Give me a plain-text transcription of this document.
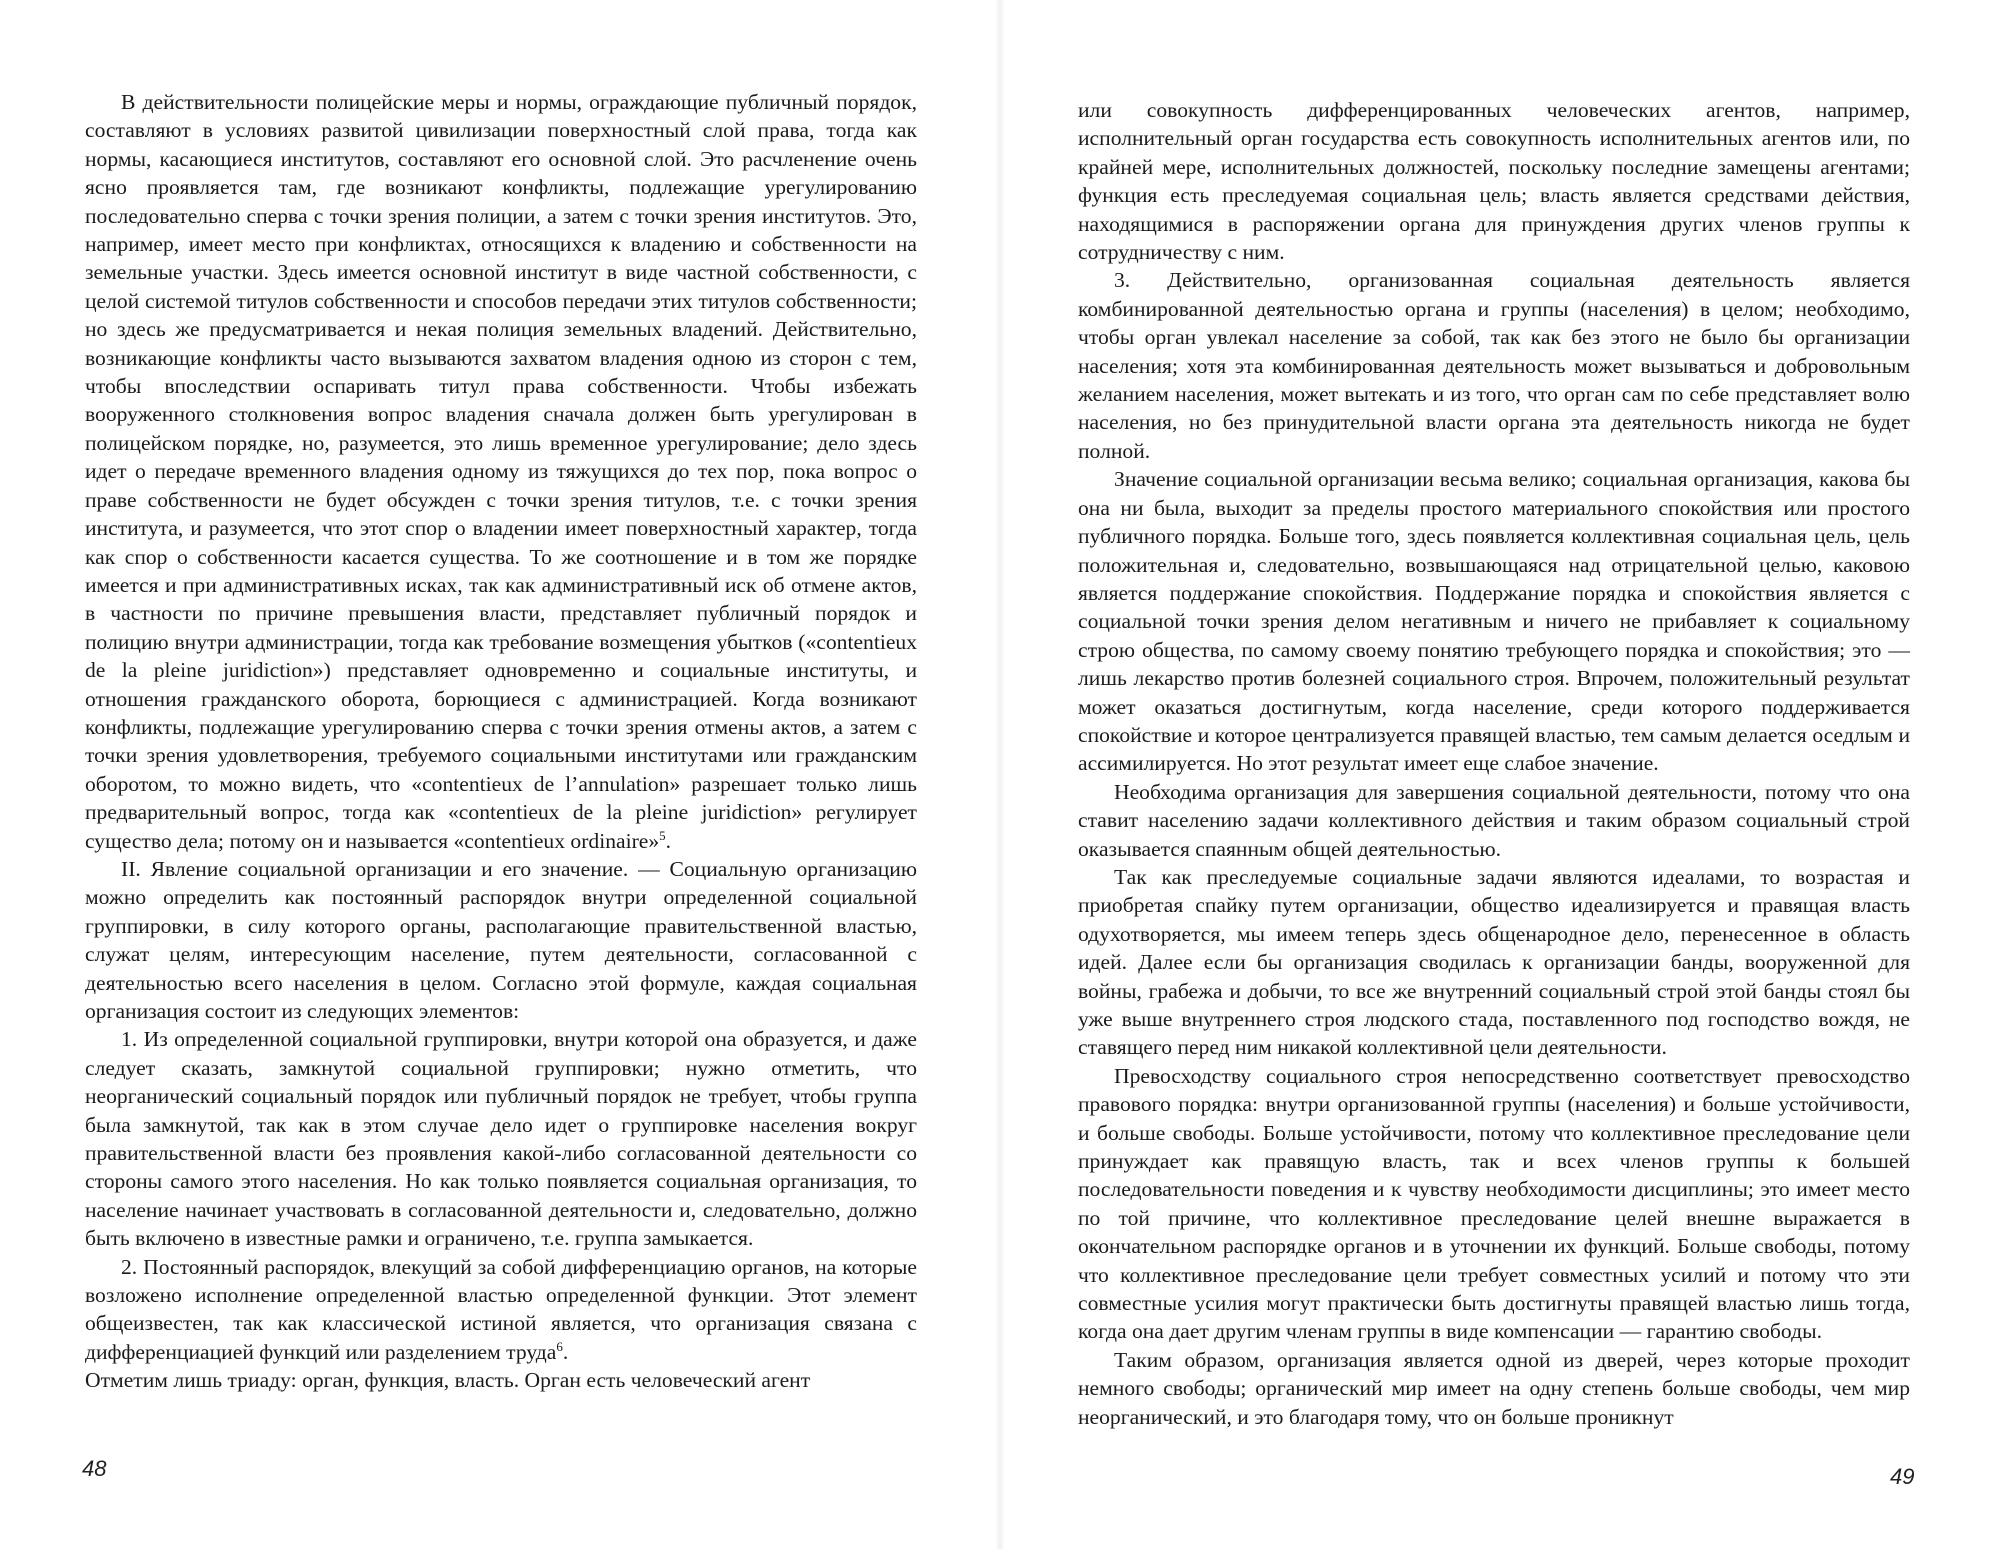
В действительности полицейские меры и нормы, ограждающие публичный порядок, составляют в условиях развитой цивилизации поверхностный слой права, тогда как нормы, касающиеся институтов, составляют его основной слой. Это расчленение очень ясно проявляется там, где возникают конфликты, подлежащие урегулированию последовательно сперва с точки зрения полиции, а затем с точки зрения институтов. Это, например, имеет место при конфликтах, относящихся к владению и собственности на земельные участки. Здесь имеется основной институт в виде частной собственности, с целой системой титулов собственности и способов передачи этих титулов собственности; но здесь же предусматривается и некая полиция земельных владений. Действительно, возникающие конфликты часто вызываются захватом владения одною из сторон с тем, чтобы впоследствии оспаривать титул права собственности. Чтобы избежать вооруженного столкновения вопрос владения сначала должен быть урегулирован в полицейском порядке, но, разумеется, это лишь временное урегулирование; дело здесь идет о передаче временного владения одному из тяжущихся до тех пор, пока вопрос о праве собственности не будет обсужден с точки зрения титулов, т.е. с точки зрения института, и разумеется, что этот спор о владении имеет поверхностный характер, тогда как спор о собственности касается существа. То же соотношение и в том же порядке имеется и при административных исках, так как административный иск об отмене актов, в частности по причине превышения власти, представляет публичный порядок и полицию внутри администрации, тогда как требование возмещения убытков («contentieux de la pleine juridiction») представляет одновременно и социальные институты, и отношения гражданского оборота, борющиеся с администрацией. Когда возникают конфликты, подлежащие урегулированию сперва с точки зрения отмены актов, а затем с точки зрения удовлетворения, требуемого социальными институтами или гражданским оборотом, то можно видеть, что «contentieux de l’annulation» разрешает только лишь предварительный вопрос, тогда как «contentieux de la pleine juridiction» регулирует существо дела; потому он и называется «contentieux ordinaire»$^5$.

II. Явление социальной организации и его значение. — Социальную организацию можно определить как постоянный распорядок внутри определенной социальной группировки, в силу которого органы, располагающие правительственной властью, служат целям, интересующим население, путем деятельности, согласованной с деятельностью всего населения в целом. Согласно этой формуле, каждая социальная организация состоит из следующих элементов:

1. Из определенной социальной группировки, внутри которой она образуется, и даже следует сказать, замкнутой социальной группировки; нужно отметить, что неорганический социальный порядок или публичный порядок не требует, чтобы группа была замкнутой, так как в этом случае дело идет о группировке населения вокруг правительственной власти без проявления какой-либо согласованной деятельности со стороны самого этого населения. Но как только появляется социальная организация, то население начинает участвовать в согласованной деятельности и, следовательно, должно быть включено в известные рамки и ограничено, т.е. группа замыкается.

2. Постоянный распорядок, влекущий за собой дифференциацию органов, на которые возложено исполнение определенной властью определенной функции. Этот элемент общеизвестен, так как классической истиной является, что организация связана с дифференциацией функций или разделением труда$^6$.

Отметим лишь триаду: орган, функция, власть. Орган есть человеческий агент

или совокупность дифференцированных человеческих агентов, например, исполнительный орган государства есть совокупность исполнительных агентов или, по крайней мере, исполнительных должностей, поскольку последние замещены агентами; функция есть преследуемая социальная цель; власть является средствами действия, находящимися в распоряжении органа для принуждения других членов группы к сотрудничеству с ним.

3. Действительно, организованная социальная деятельность является комбинированной деятельностью органа и группы (населения) в целом; необходимо, чтобы орган увлекал население за собой, так как без этого не было бы организации населения; хотя эта комбинированная деятельность может вызываться и добровольным желанием населения, может вытекать и из того, что орган сам по себе представляет волю населения, но без принудительной власти органа эта деятельность никогда не будет полной.

Значение социальной организации весьма велико; социальная организация, какова бы она ни была, выходит за пределы простого материального спокойствия или простого публичного порядка. Больше того, здесь появляется коллективная социальная цель, цель положительная и, следовательно, возвышающаяся над отрицательной целью, каковою является поддержание спокойствия. Поддержание порядка и спокойствия является с социальной точки зрения делом негативным и ничего не прибавляет к социальному строю общества, по самому своему понятию требующего порядка и спокойствия; это — лишь лекарство против болезней социального строя. Впрочем, положительный результат может оказаться достигнутым, когда население, среди которого поддерживается спокойствие и которое централизуется правящей властью, тем самым делается оседлым и ассимилируется. Но этот результат имеет еще слабое значение.

Необходима организация для завершения социальной деятельности, потому что она ставит населению задачи коллективного действия и таким образом социальный строй оказывается спаянным общей деятельностью.

Так как преследуемые социальные задачи являются идеалами, то возрастая и приобретая спайку путем организации, общество идеализируется и правящая власть одухотворяется, мы имеем теперь здесь общенародное дело, перенесенное в область идей. Далее если бы организация сводилась к организации банды, вооруженной для войны, грабежа и добычи, то все же внутренний социальный строй этой банды стоял бы уже выше внутреннего строя людского стада, поставленного под господство вождя, не ставящего перед ним никакой коллективной цели деятельности.

Превосходству социального строя непосредственно соответствует превосходство правового порядка: внутри организованной группы (населения) и больше устойчивости, и больше свободы. Больше устойчивости, потому что коллективное преследование цели принуждает как правящую власть, так и всех членов группы к большей последовательности поведения и к чувству необходимости дисциплины; это имеет место по той причине, что коллективное преследование целей внешне выражается в окончательном распорядке органов и в уточнении их функций. Больше свободы, потому что коллективное преследование цели требует совместных усилий и потому что эти совместные усилия могут практически быть достигнуты правящей властью лишь тогда, когда она дает другим членам группы в виде компенсации — гарантию свободы.

Таким образом, организация является одной из дверей, через которые проходит немного свободы; органический мир имеет на одну степень больше свободы, чем мир неорганический, и это благодаря тому, что он больше проникнут

48	49
